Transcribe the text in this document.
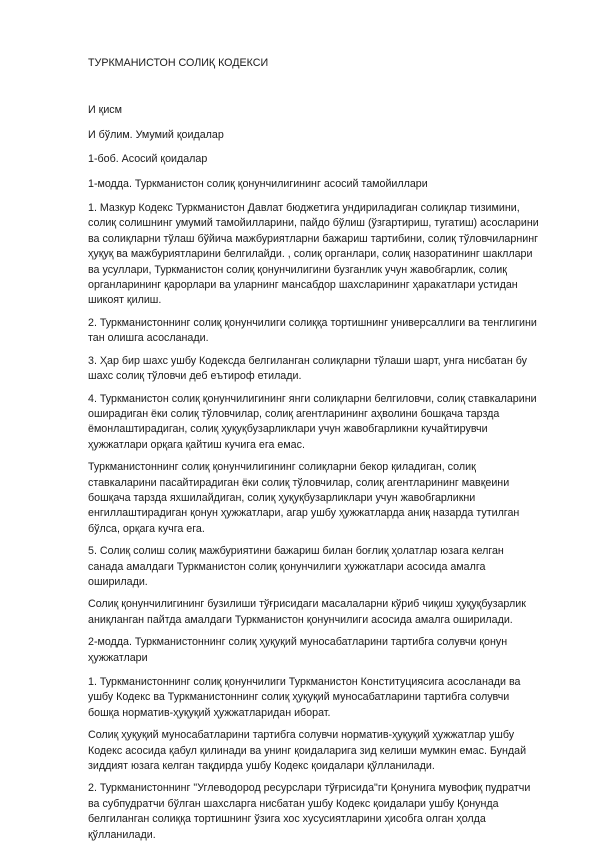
ТУРКМАНИСТОН СОЛИҚ КОДЕКСИ

И қисм

И бўлим. Умумий қоидалар

1-боб. Асосий қоидалар

1-модда. Туркманистон солиқ қонунчилигининг асосий тамойиллари

1. Мазкур Кодекс Туркманистон Давлат бюджетига ундириладиган солиқлар тизимини, солиқ солишнинг умумий тамойилларини, пайдо бўлиш (ўзгартириш, тугатиш) асосларини ва солиқларни тўлаш бўйича мажбуриятларни бажариш тартибини, солиқ тўловчиларнинг ҳуқуқ ва мажбуриятларини белгилайди. , солиқ органлари, солиқ назоратининг шакллари ва усуллари, Туркманистон солиқ қонунчилигини бузганлик учун жавобгарлик, солиқ органларининг қарорлари ва уларнинг мансабдор шахсларининг ҳаракатлари устидан шикоят қилиш.

2. Туркманистоннинг солиқ қонунчилиги солиққа тортишнинг универсаллиги ва тенглигини тан олишга асосланади.

3. Ҳар бир шахс ушбу Кодексда белгиланган солиқларни тўлаши шарт, унга нисбатан бу шахс солиқ тўловчи деб еътироф етилади.

4. Туркманистон солиқ қонунчилигининг янги солиқларни белгиловчи, солиқ ставкаларини оширадиган ёки солиқ тўловчилар, солиқ агентларининг аҳволини бошқача тарзда ёмонлаштирадиган, солиқ ҳуқуқбузарликлари учун жавобгарликни кучайтирувчи ҳужжатлари орқага қайтиш кучига ега емас.

Туркманистоннинг солиқ қонунчилигининг солиқларни бекор қиладиган, солиқ ставкаларини пасайтирадиган ёки солиқ тўловчилар, солиқ агентларининг мавқеини бошқача тарзда яхшилайдиган, солиқ ҳуқуқбузарликлари учун жавобгарликни енгиллаштирадиган қонун ҳужжатлари, агар ушбу ҳужжатларда аниқ назарда тутилган бўлса, орқага кучга ега.

5. Солиқ солиш солиқ мажбуриятини бажариш билан боғлиқ ҳолатлар юзага келган санада амалдаги Туркманистон солиқ қонунчилиги ҳужжатлари асосида амалга оширилади.

Солиқ қонунчилигининг бузилиши тўғрисидаги масалаларни кўриб чиқиш ҳуқуқбузарлик аниқланган пайтда амалдаги Туркманистон қонунчилиги асосида амалга оширилади.

2-модда. Туркманистоннинг солиқ ҳуқуқий муносабатларини тартибга солувчи қонун ҳужжатлари

1. Туркманистоннинг солиқ қонунчилиги Туркманистон Конституциясига асосланади ва ушбу Кодекс ва Туркманистоннинг солиқ ҳуқуқий муносабатларини тартибга солувчи бошқа норматив-ҳуқуқий ҳужжатларидан иборат.

Солиқ ҳуқуқий муносабатларини тартибга солувчи норматив-ҳуқуқий ҳужжатлар ушбу Кодекс асосида қабул қилинади ва унинг қоидаларига зид келиши мумкин емас. Бундай зиддият юзага келган тақдирда ушбу Кодекс қоидалари қўлланилади.

2. Туркманистоннинг "Углеводород ресурслари тўғрисида"ги Қонунига мувофиқ пудратчи ва субпудратчи бўлган шахсларга нисбатан ушбу Кодекс қоидалари ушбу Қонунда белгиланган солиққа тортишнинг ўзига хос хусусиятларини ҳисобга олган ҳолда қўлланилади.
